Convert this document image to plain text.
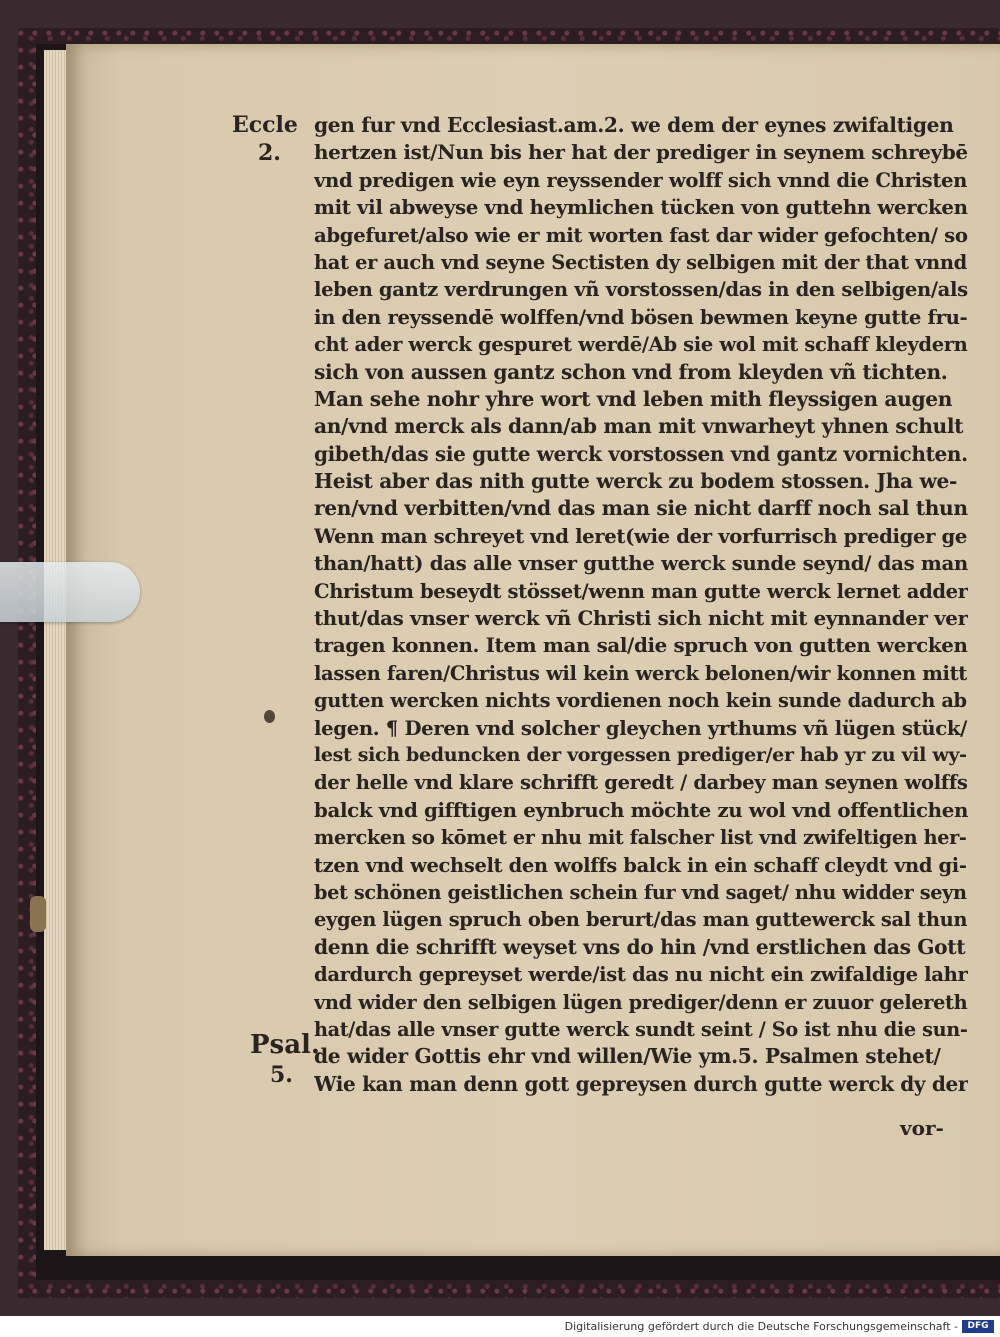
Eccle
2.
Psal.
5.
gen fur vnd Ecclesiast.am.2. we dem der eynes zwifaltigen
hertzen ist/Nun bis her hat der prediger in seynem schreybē
vnd predigen wie eyn reyssender wolff sich vnnd die Christen
mit vil abweyse vnd heymlichen tücken von guttehn wercken
abgefuret/also wie er mit worten fast dar wider gefochten/ so
hat er auch vnd seyne Sectisten dy selbigen mit der that vnnd
leben gantz verdrungen vñ vorstossen/das in den selbigen/als
in den reyssendē wolffen/vnd bösen bewmen keyne gutte fru-
cht ader werck gespuret werdē/Ab sie wol mit schaff kleydern
sich von aussen gantz schon vnd from kleyden vñ tichten.
Man sehe nohr yhre wort vnd leben mith fleyssigen augen
an/vnd merck als dann/ab man mit vnwarheyt yhnen schult
gibeth/das sie gutte werck vorstossen vnd gantz vornichten.
Heist aber das nith gutte werck zu bodem stossen. Jha we-
ren/vnd verbitten/vnd das man sie nicht darff noch sal thun
Wenn man schreyet vnd leret(wie der vorfurrisch prediger ge
than/hatt) das alle vnser gutthe werck sunde seynd/ das man
Christum beseydt stösset/wenn man gutte werck lernet adder
thut/das vnser werck vñ Christi sich nicht mit eynnander ver
tragen konnen. Item man sal/die spruch von gutten wercken
lassen faren/Christus wil kein werck belonen/wir konnen mitt
gutten wercken nichts vordienen noch kein sunde dadurch ab
legen. ¶ Deren vnd solcher gleychen yrthums vñ lügen stück/
lest sich beduncken der vorgessen prediger/er hab yr zu vil wy-
der helle vnd klare schrifft geredt / darbey man seynen wolffs
balck vnd gifftigen eynbruch möchte zu wol vnd offentlichen
mercken so kōmet er nhu mit falscher list vnd zwifeltigen her-
tzen vnd wechselt den wolffs balck in ein schaff cleydt vnd gi-
bet schönen geistlichen schein fur vnd saget/ nhu widder seyn
eygen lügen spruch oben berurt/das man guttewerck sal thun
denn die schrifft weyset vns do hin /vnd erstlichen das Gott
dardurch gepreyset werde/ist das nu nicht ein zwifaldige lahr
vnd wider den selbigen lügen prediger/denn er zuuor gelereth
hat/das alle vnser gutte werck sundt seint / So ist nhu die sun-
de wider Gottis ehr vnd willen/Wie ym.5. Psalmen stehet/
Wie kan man denn gott gepreysen durch gutte werck dy der
vor-
Digitalisierung gefördert durch die Deutsche Forschungsgemeinschaft -	DFG
